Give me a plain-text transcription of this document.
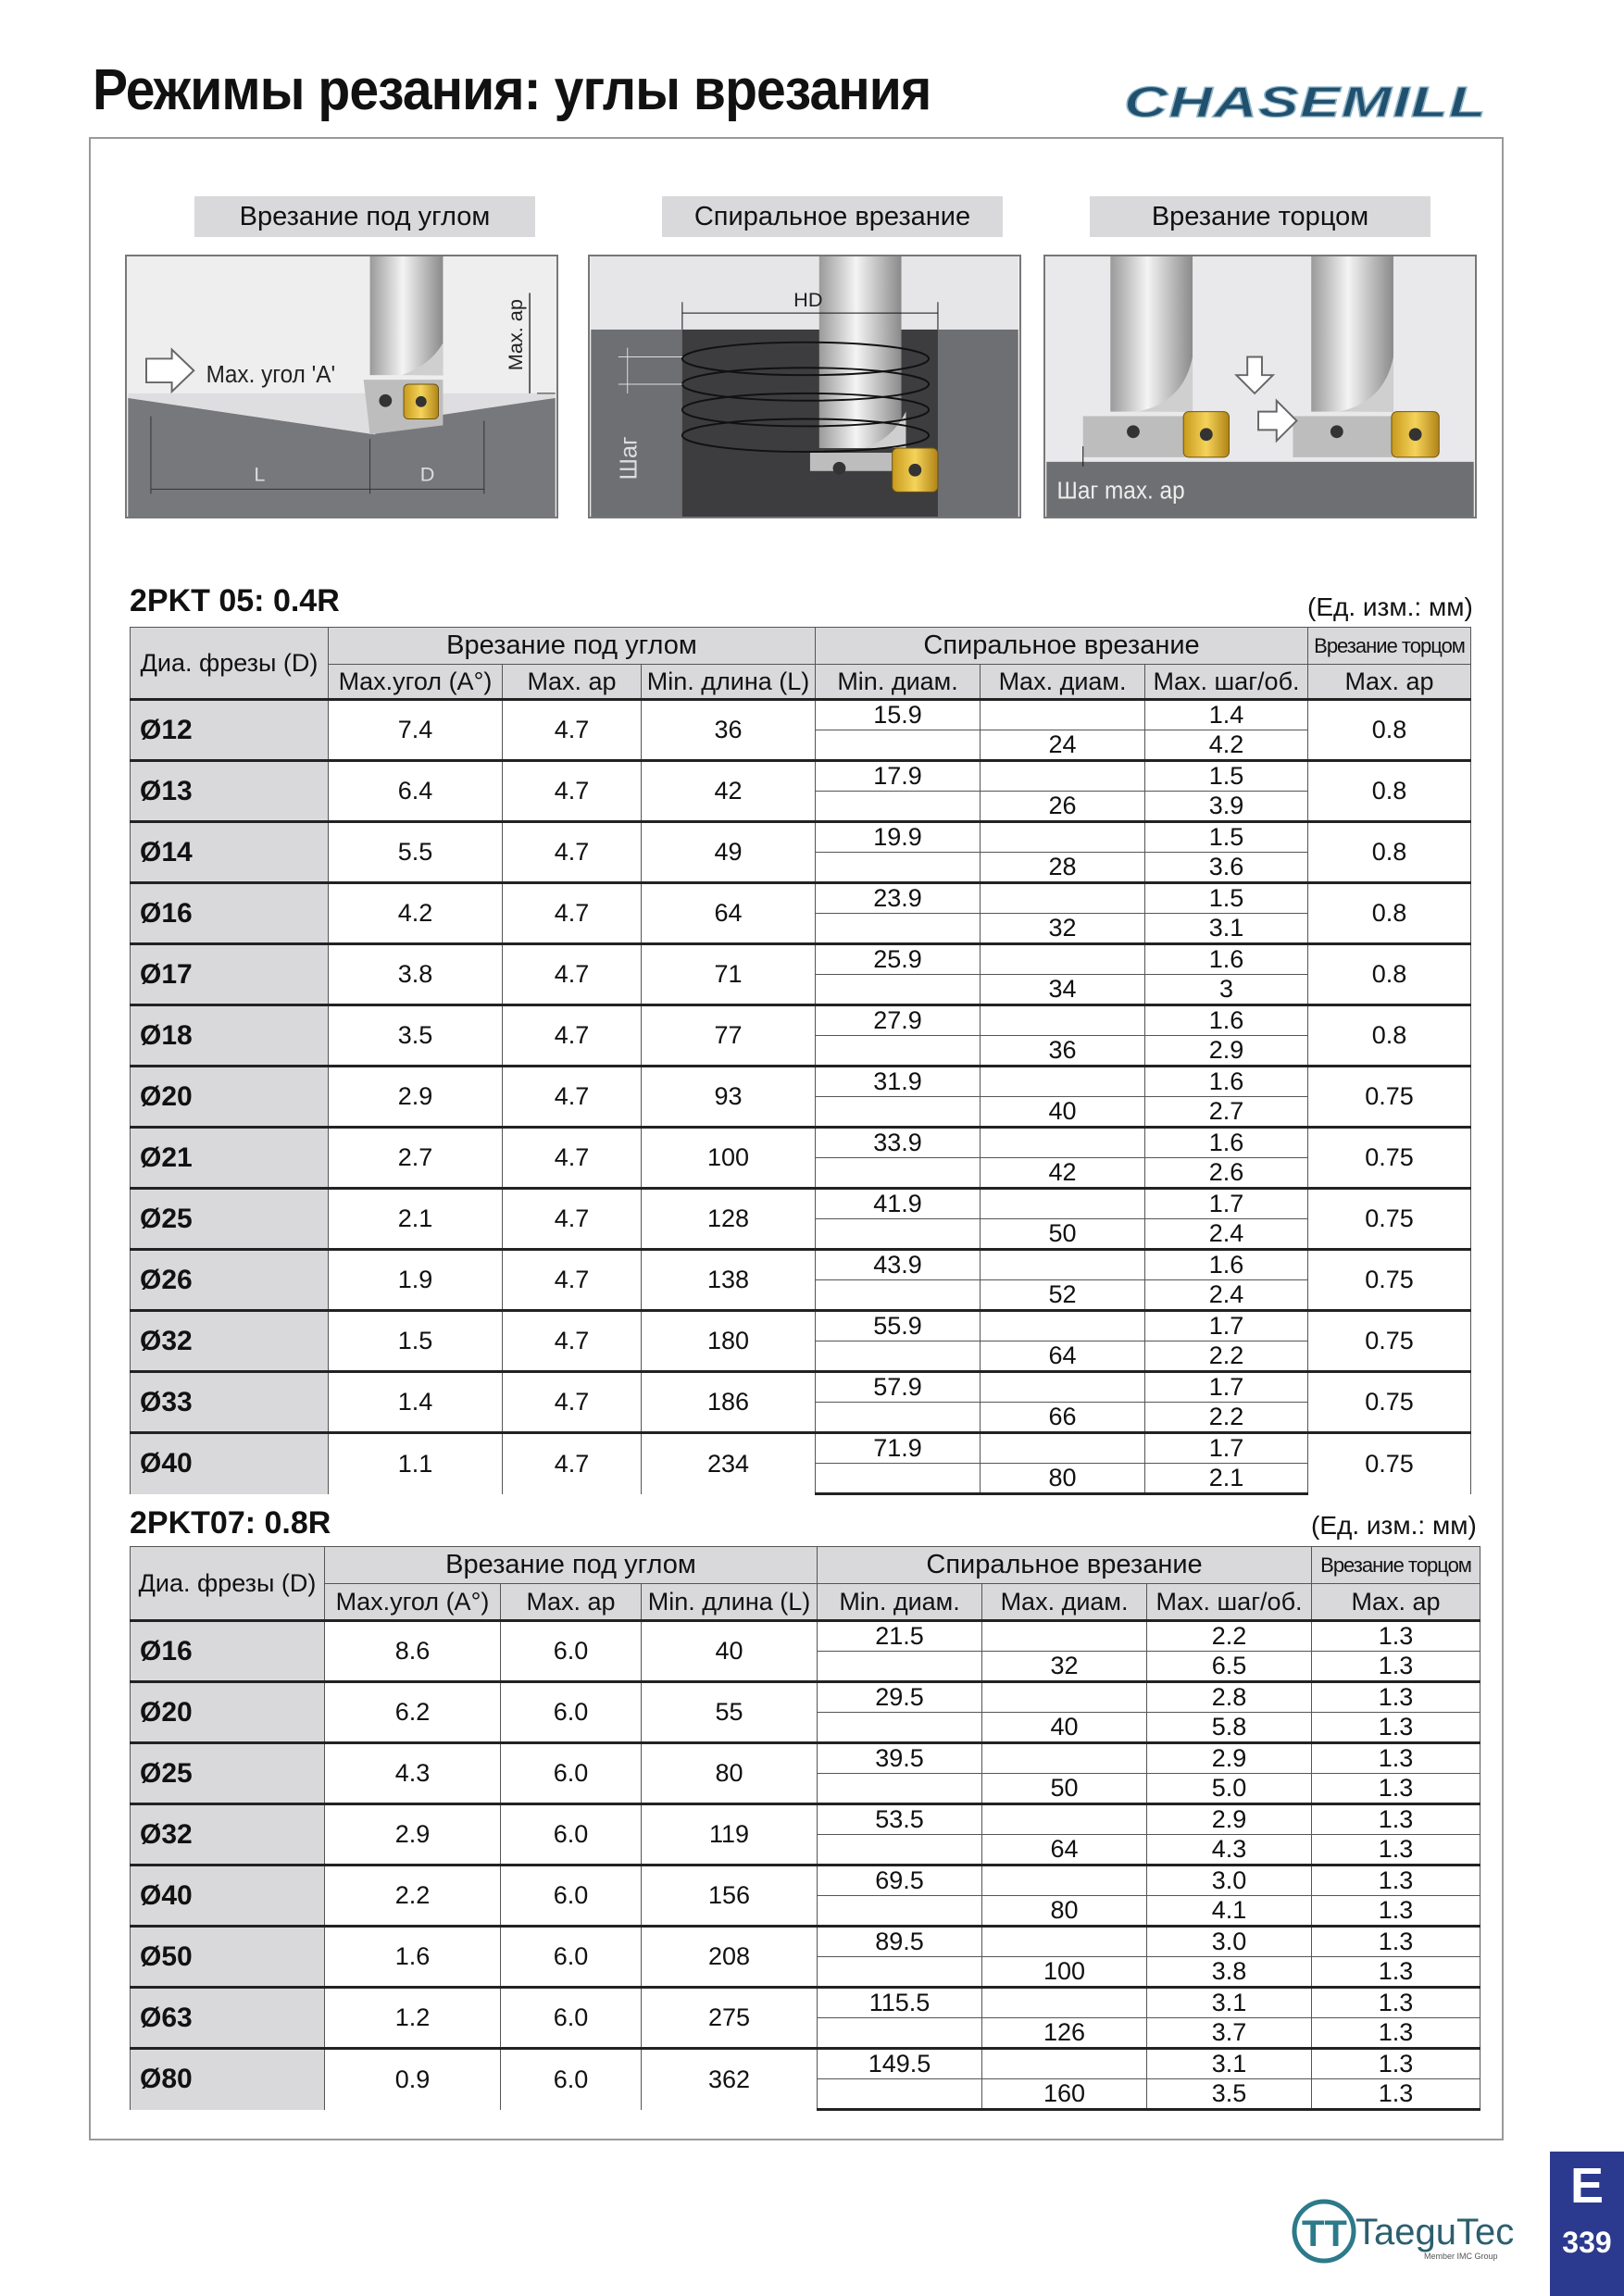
Режимы резания: углы врезания	CHASEMILL
Врезание под углом	Спиральное врезание	Врезание торцом
Max. угол 'A'
Max. ap
L	D
HD
Шаг
Шаг max. ap
2PKT 05: 0.4R	(Ед. изм.: мм)
Диа. фрезы (D)	Врезание под углом			Спиральное врезание			Врезание торцом
	Max.угол (A°)	Max. ap	Min. длина (L)	Min. диам.	Max. диам.	Max. шаг/об.	Max. ap
Ø12	7.4	4.7	36	15.9		1.4	0.8
					24	4.2	
Ø13	6.4	4.7	42	17.9		1.5	0.8
					26	3.9	
Ø14	5.5	4.7	49	19.9		1.5	0.8
					28	3.6	
Ø16	4.2	4.7	64	23.9		1.5	0.8
					32	3.1	
Ø17	3.8	4.7	71	25.9		1.6	0.8
					34	3	
Ø18	3.5	4.7	77	27.9		1.6	0.8
					36	2.9	
Ø20	2.9	4.7	93	31.9		1.6	0.75
					40	2.7	
Ø21	2.7	4.7	100	33.9		1.6	0.75
					42	2.6	
Ø25	2.1	4.7	128	41.9		1.7	0.75
					50	2.4	
Ø26	1.9	4.7	138	43.9		1.6	0.75
					52	2.4	
Ø32	1.5	4.7	180	55.9		1.7	0.75
					64	2.2	
Ø33	1.4	4.7	186	57.9		1.7	0.75
					66	2.2	
Ø40	1.1	4.7	234	71.9		1.7	0.75
					80	2.1	
2PKT07: 0.8R	(Ед. изм.: мм)
Диа. фрезы (D)	Врезание под углом			Спиральное врезание			Врезание торцом
	Max.угол (A°)	Max. ap	Min. длина (L)	Min. диам.	Max. диам.	Max. шаг/об.	Max. ap
Ø16	8.6	6.0	40	21.5		2.2	1.3
					32	6.5	1.3
Ø20	6.2	6.0	55	29.5		2.8	1.3
					40	5.8	1.3
Ø25	4.3	6.0	80	39.5		2.9	1.3
					50	5.0	1.3
Ø32	2.9	6.0	119	53.5		2.9	1.3
					64	4.3	1.3
Ø40	2.2	6.0	156	69.5		3.0	1.3
					80	4.1	1.3
Ø50	1.6	6.0	208	89.5		3.0	1.3
					100	3.8	1.3
Ø63	1.2	6.0	275	115.5		3.1	1.3
					126	3.7	1.3
Ø80	0.9	6.0	362	149.5		3.1	1.3
					160	3.5	1.3
TT TaeguTec
Member IMC Group
E
339
